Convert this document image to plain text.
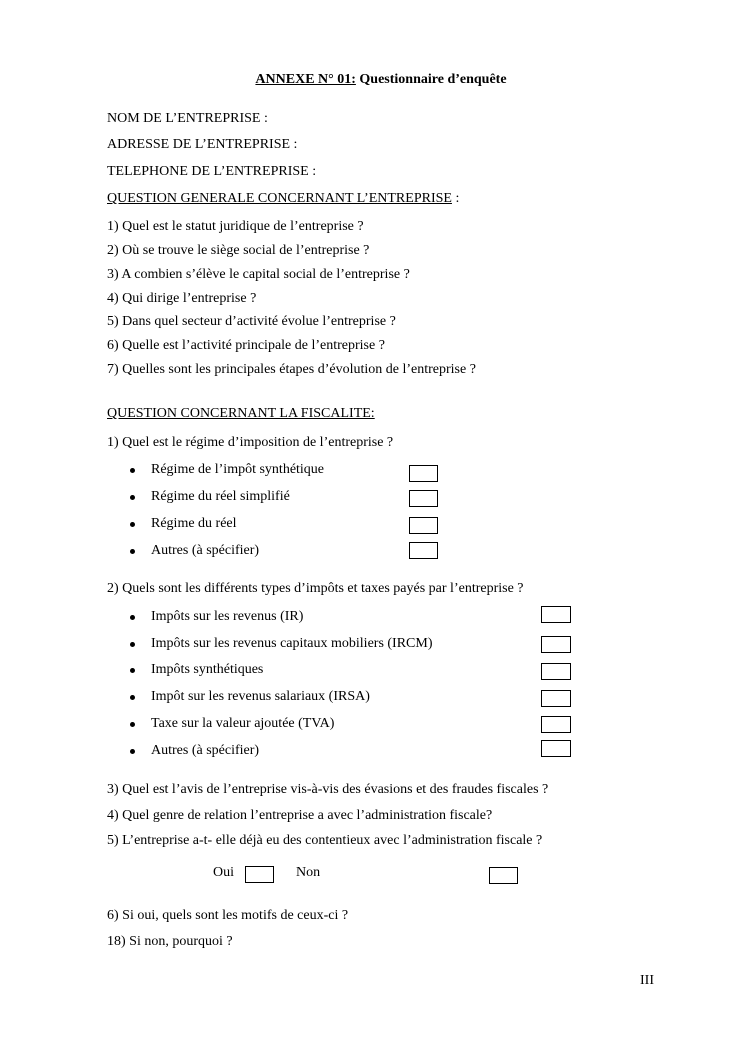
ANNEXE N° 01: Questionnaire d’enquête
NOM DE L’ENTREPRISE :
ADRESSE DE L’ENTREPRISE :
TELEPHONE DE L’ENTREPRISE :
QUESTION GENERALE CONCERNANT L’ENTREPRISE :
1) Quel est le statut juridique de l’entreprise ?
2) Où se trouve le siège social de l’entreprise ?
3) A combien s’élève le capital social de l’entreprise ?
4) Qui dirige l’entreprise ?
5) Dans quel secteur d’activité évolue l’entreprise ?
6) Quelle est l’activité principale de l’entreprise ?
7) Quelles sont les principales étapes d’évolution de l’entreprise ?
QUESTION CONCERNANT LA FISCALITE:
1) Quel est le régime d’imposition de l’entreprise ?
Régime de l’impôt synthétique
Régime du réel simplifié
Régime du réel
Autres (à spécifier)
2) Quels sont les différents types d’impôts et taxes payés par l’entreprise ?
Impôts sur les revenus (IR)
Impôts sur les revenus capitaux mobiliers (IRCM)
Impôts synthétiques
Impôt sur les revenus salariaux (IRSA)
Taxe sur la valeur ajoutée (TVA)
Autres (à spécifier)
3) Quel est l’avis de l’entreprise vis-à-vis des évasions et des fraudes fiscales ?
4) Quel genre de relation l’entreprise a avec l’administration fiscale?
5) L’entreprise a-t- elle déjà eu des contentieux avec l’administration fiscale ?
Oui	Non
6) Si oui, quels sont les motifs de ceux-ci ?
18) Si non, pourquoi ?
III
